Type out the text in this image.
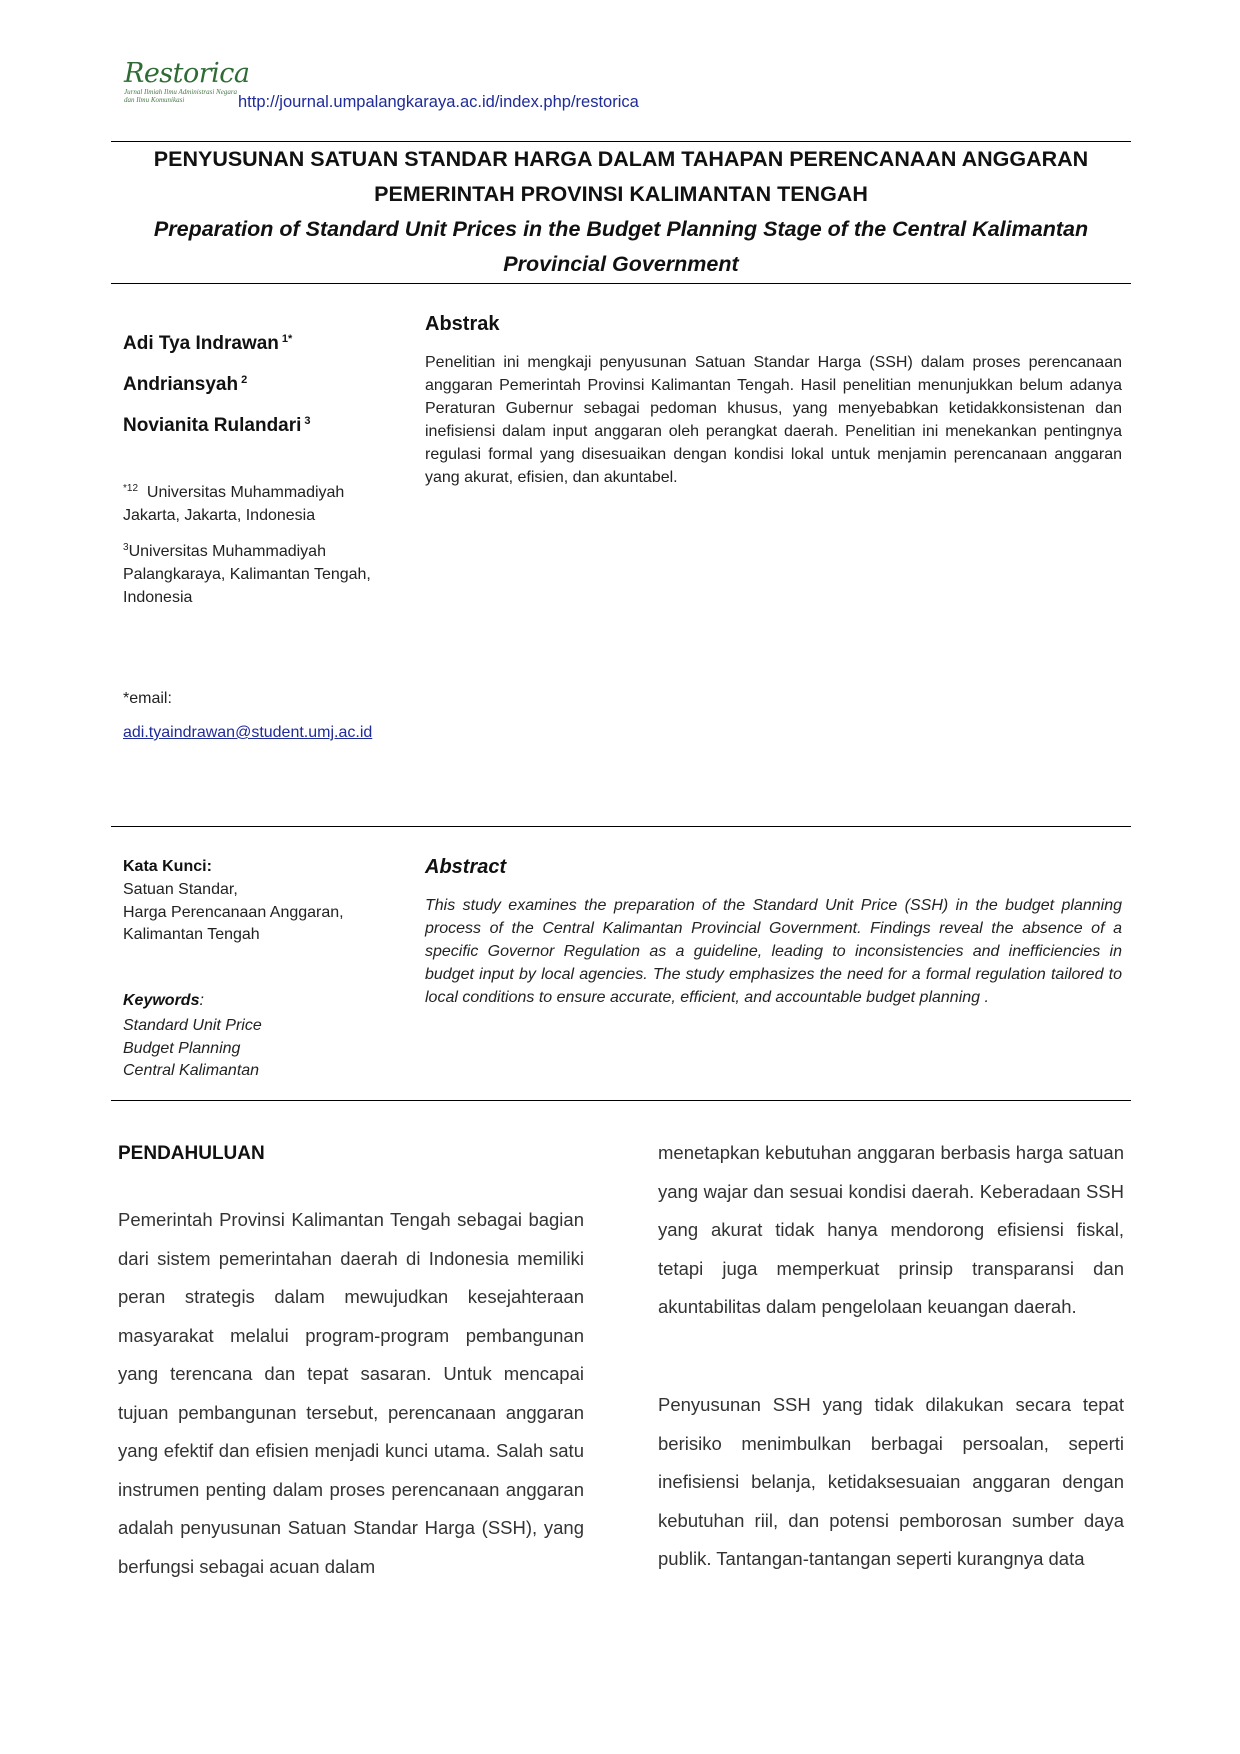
Restorica
Jurnal Ilmiah Ilmu Administrasi Negara dan Ilmu Komunikasi	http://journal.umpalangkaraya.ac.id/index.php/restorica
PENYUSUNAN SATUAN STANDAR HARGA DALAM TAHAPAN PERENCANAAN ANGGARAN
PEMERINTAH PROVINSI KALIMANTAN TENGAH
Preparation of Standard Unit Prices in the Budget Planning Stage of the Central Kalimantan
Provincial Government
Adi Tya Indrawan $^{1*}$
Andriansyah $^2$
Novianita Rulandari $^3$
$^{*12}$ Universitas Muhammadiyah
Jakarta, Jakarta, Indonesia
$^3$Universitas Muhammadiyah
Palangkaraya, Kalimantan Tengah,
Indonesia
*email:
adi.tyaindrawan@student.umj.ac.id
Abstrak
Penelitian ini mengkaji penyusunan Satuan Standar Harga (SSH) dalam proses perencanaan anggaran Pemerintah Provinsi Kalimantan Tengah. Hasil penelitian menunjukkan belum adanya Peraturan Gubernur sebagai pedoman khusus, yang menyebabkan ketidakkonsistenan dan inefisiensi dalam input anggaran oleh perangkat daerah. Penelitian ini menekankan pentingnya regulasi formal yang disesuaikan dengan kondisi lokal untuk menjamin perencanaan anggaran yang akurat, efisien, dan akuntabel.
Kata Kunci:
Satuan Standar,
Harga Perencanaan Anggaran,
Kalimantan Tengah
Keywords:
Standard Unit Price
Budget Planning
Central Kalimantan
Abstract
This study examines the preparation of the Standard Unit Price (SSH) in the budget planning process of the Central Kalimantan Provincial Government. Findings reveal the absence of a specific Governor Regulation as a guideline, leading to inconsistencies and inefficiencies in budget input by local agencies. The study emphasizes the need for a formal regulation tailored to local conditions to ensure accurate, efficient, and accountable budget planning .
PENDAHULUAN
Pemerintah Provinsi Kalimantan Tengah sebagai bagian dari sistem pemerintahan daerah di Indonesia memiliki peran strategis dalam mewujudkan kesejahteraan masyarakat melalui program-program pembangunan yang terencana dan tepat sasaran. Untuk mencapai tujuan pembangunan tersebut, perencanaan anggaran yang efektif dan efisien menjadi kunci utama. Salah satu instrumen penting dalam proses perencanaan anggaran adalah penyusunan Satuan Standar Harga (SSH), yang berfungsi sebagai acuan dalam
menetapkan kebutuhan anggaran berbasis harga satuan yang wajar dan sesuai kondisi daerah. Keberadaan SSH yang akurat tidak hanya mendorong efisiensi fiskal, tetapi juga memperkuat prinsip transparansi dan akuntabilitas dalam pengelolaan keuangan daerah.
Penyusunan SSH yang tidak dilakukan secara tepat berisiko menimbulkan berbagai persoalan, seperti inefisiensi belanja, ketidaksesuaian anggaran dengan kebutuhan riil, dan potensi pemborosan sumber daya publik. Tantangan-tantangan seperti kurangnya data
